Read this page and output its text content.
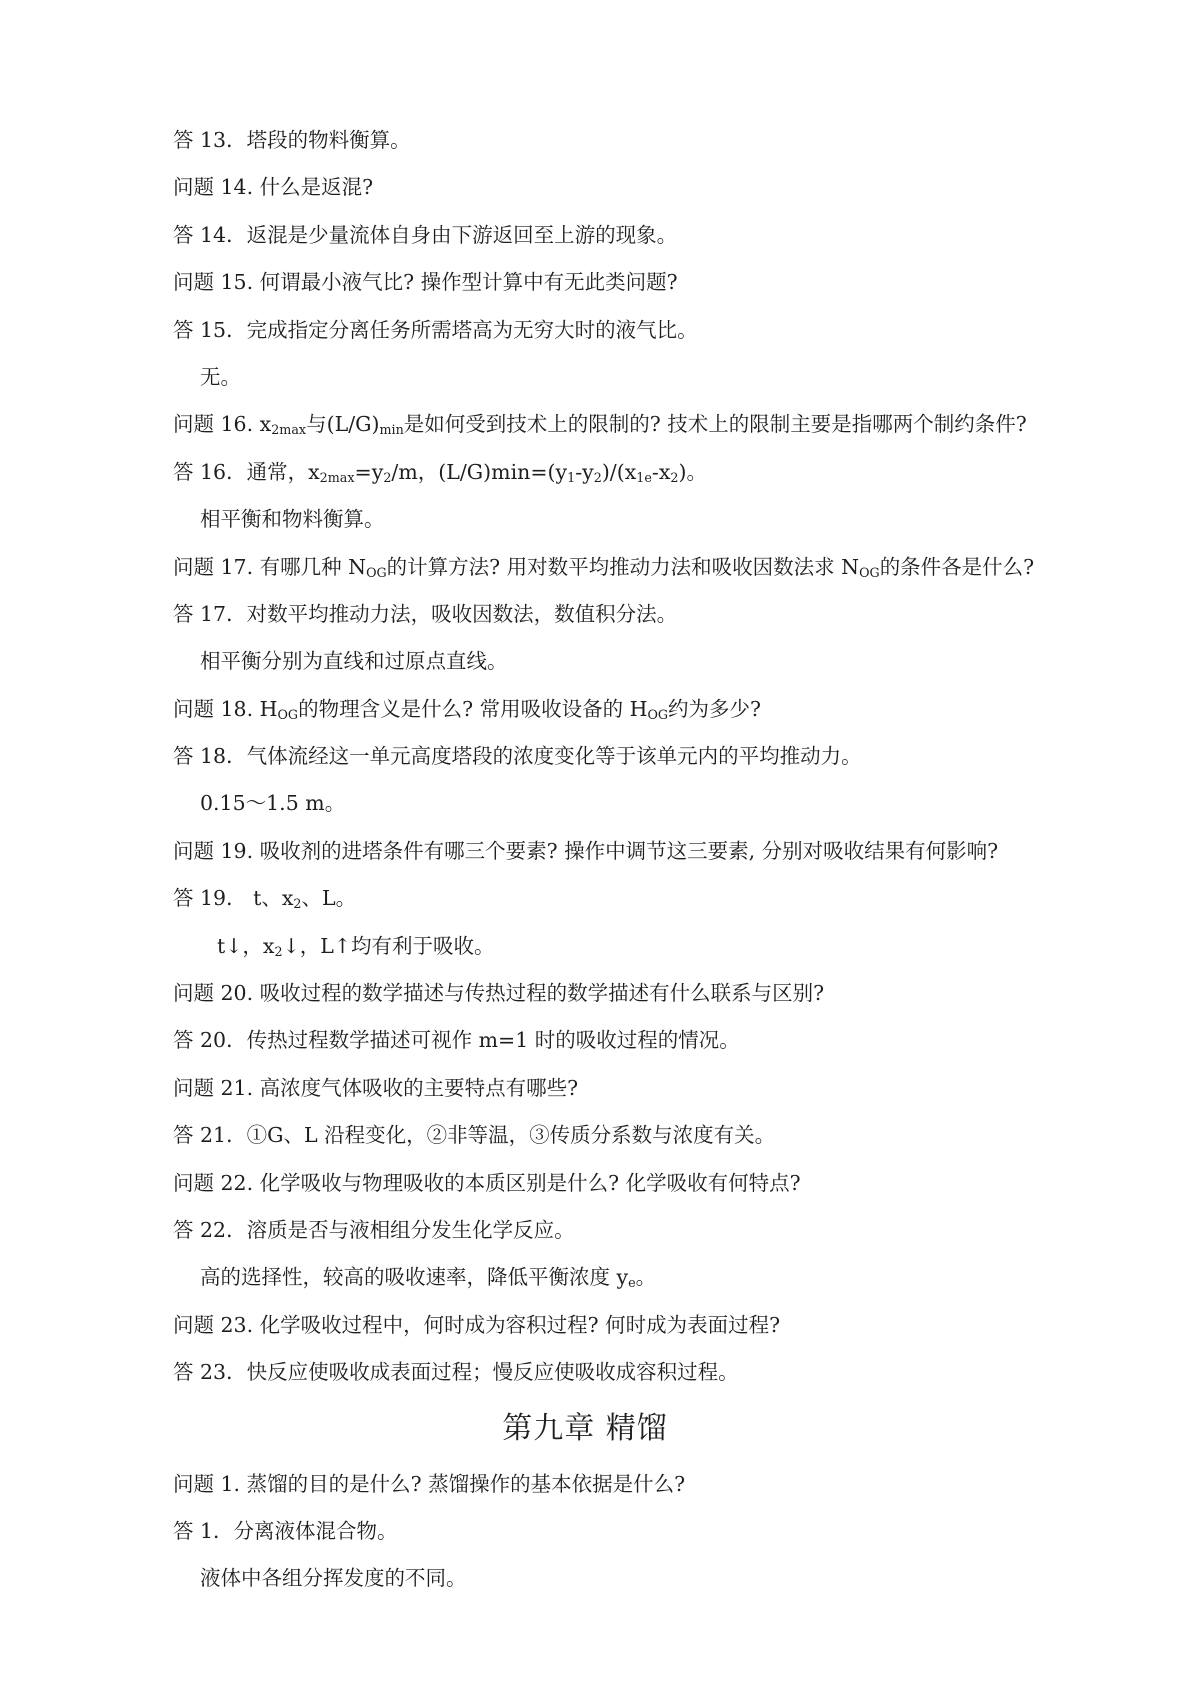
答 13．塔段的物料衡算。
问题 14. 什么是返混?
答 14．返混是少量流体自身由下游返回至上游的现象。
问题 15. 何谓最小液气比? 操作型计算中有无此类问题?
答 15．完成指定分离任务所需塔高为无穷大时的液气比。
无。
问题 16. $x_{2max}$与$(L/G)_{min}$是如何受到技术上的限制的? 技术上的限制主要是指哪两个制约条件?
答 16．通常，$x_{2max}=y_2/m$，$(L/G)\min=(y_1-y_2)/(x_{1e}-x_2)$。
相平衡和物料衡算。
问题 17. 有哪几种 $N_{OG}$的计算方法? 用对数平均推动力法和吸收因数法求 $N_{OG}$的条件各是什么?
答 17．对数平均推动力法，吸收因数法，数值积分法。
相平衡分别为直线和过原点直线。
问题 18. $H_{OG}$的物理含义是什么? 常用吸收设备的 $H_{OG}$约为多少?
答 18．气体流经这一单元高度塔段的浓度变化等于该单元内的平均推动力。
0.15～1.5 m。
问题 19. 吸收剂的进塔条件有哪三个要素? 操作中调节这三要素, 分别对吸收结果有何影响?
答 19． t、$x_2$、L。
t↓，$x_2↓$，L↑均有利于吸收。
问题 20. 吸收过程的数学描述与传热过程的数学描述有什么联系与区别?
答 20．传热过程数学描述可视作 m=1 时的吸收过程的情况。
问题 21. 高浓度气体吸收的主要特点有哪些?
答 21．①G、L 沿程变化，②非等温，③传质分系数与浓度有关。
问题 22. 化学吸收与物理吸收的本质区别是什么? 化学吸收有何特点?
答 22．溶质是否与液相组分发生化学反应。
高的选择性，较高的吸收速率，降低平衡浓度 $y_e$。
问题 23. 化学吸收过程中，何时成为容积过程? 何时成为表面过程?
答 23．快反应使吸收成表面过程；慢反应使吸收成容积过程。
第九章 精馏
问题 1. 蒸馏的目的是什么? 蒸馏操作的基本依据是什么?
答 1．分离液体混合物。
液体中各组分挥发度的不同。
